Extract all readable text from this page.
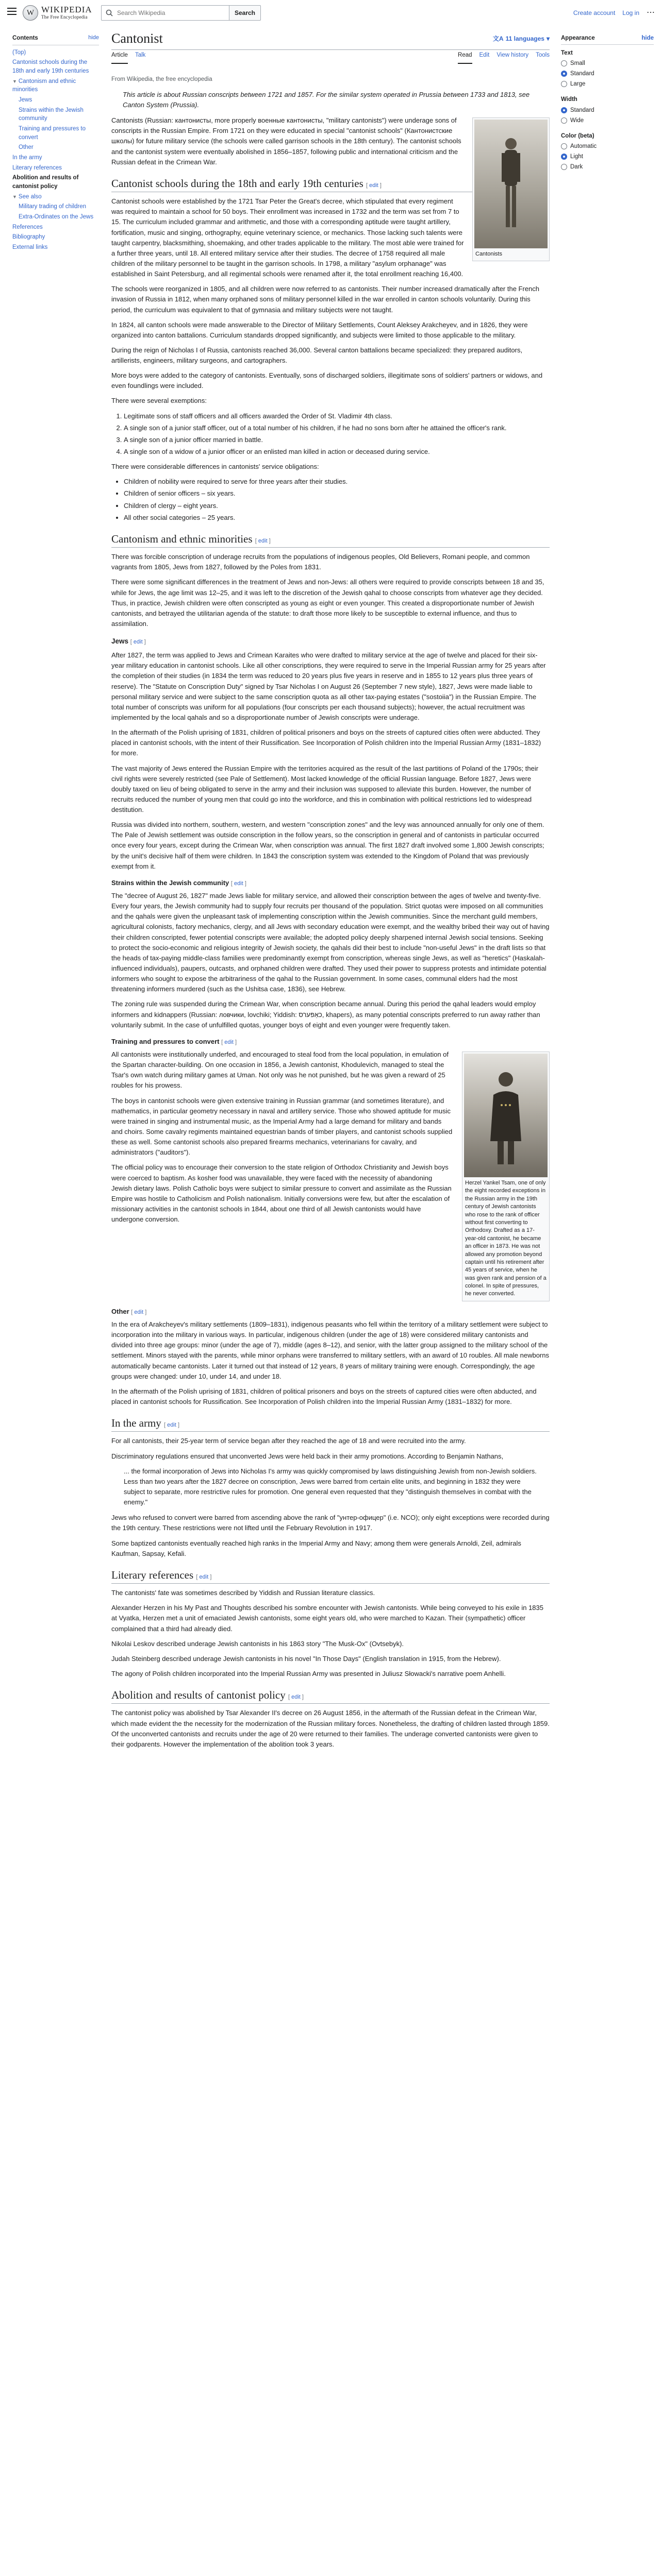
W WIKIPEDIA
The Free Encyclopedia
Search Wikipedia
Search	Create account Log in ⋯
Contents	hide
(Top)
Cantonist schools during the 18th and early 19th centuries
▼ Cantonism and ethnic minorities
Jews
Strains within the Jewish community
Training and pressures to convert
Other
In the army
Literary references
Abolition and results of cantonist policy
▼ See also
Military trading of children
Extra-Ordinates on the Jews
References
Bibliography
External links
Cantonist	文A 11 languages ▾
Article Talk	Read Edit View history Tools
Appearance	hide
Text
Small
Standard
Large
Width
Standard
Wide
Color (beta)
Automatic
Light
Dark

From Wikipedia, the free encyclopedia

This article is about Russian conscripts between 1721 and 1857. For the similar system operated in Prussia between 1733 and 1813, see Canton System (Prussia).

Cantonists

Cantonists (Russian: кантонисты, more properly военные кантонисты, "military cantonists") were underage sons of conscripts in the Russian Empire. From 1721 on they were educated in special "cantonist schools" (Кантонистские школы) for future military service (the schools were called garrison schools in the 18th century). The cantonist schools and the cantonist system were eventually abolished in 1856–1857, following public and international criticism and the Russian defeat in the Crimean War.

Cantonist schools during the 18th and early 19th centuries [ edit ]

Cantonist schools were established by the 1721 Tsar Peter the Great's decree, which stipulated that every regiment was required to maintain a school for 50 boys. Their enrollment was increased in 1732 and the term was set from 7 to 15. The curriculum included grammar and arithmetic, and those with a corresponding aptitude were taught artillery, fortification, music and singing, orthography, equine veterinary science, or mechanics. Those lacking such talents were taught carpentry, blacksmithing, shoemaking, and other trades applicable to the military. The most able were trained for a further three years, until 18. All entered military service after their studies. The decree of 1758 required all male children of the military personnel to be taught in the garrison schools. In 1798, a military "asylum orphanage" was established in Saint Petersburg, and all regimental schools were renamed after it, the total enrollment reaching 16,400.

The schools were reorganized in 1805, and all children were now referred to as cantonists. Their number increased dramatically after the French invasion of Russia in 1812, when many orphaned sons of military personnel killed in the war enrolled in canton schools voluntarily. During this period, the curriculum was equivalent to that of gymnasia and military subjects were not taught.

In 1824, all canton schools were made answerable to the Director of Military Settlements, Count Aleksey Arakcheyev, and in 1826, they were organized into canton battalions. Curriculum standards dropped significantly, and subjects were limited to those applicable to the military.

During the reign of Nicholas I of Russia, cantonists reached 36,000. Several canton battalions became specialized: they prepared auditors, artillerists, engineers, military surgeons, and cartographers.

More boys were added to the category of cantonists. Eventually, sons of discharged soldiers, illegitimate sons of soldiers' partners or widows, and even foundlings were included.

There were several exemptions:

1. Legitimate sons of staff officers and all officers awarded the Order of St. Vladimir 4th class.
2. A single son of a junior staff officer, out of a total number of his children, if he had no sons born after he attained the officer's rank.
3. A single son of a junior officer married in battle.
4. A single son of a widow of a junior officer or an enlisted man killed in action or deceased during service.

There were considerable differences in cantonists' service obligations:

• Children of nobility were required to serve for three years after their studies.
• Children of senior officers – six years.
• Children of clergy – eight years.
• All other social categories – 25 years.
Cantonism and ethnic minorities [ edit ]

There was forcible conscription of underage recruits from the populations of indigenous peoples, Old Believers, Romani people, and common vagrants from 1805, Jews from 1827, followed by the Poles from 1831.

There were some significant differences in the treatment of Jews and non-Jews: all others were required to provide conscripts between 18 and 35, while for Jews, the age limit was 12–25, and it was left to the discretion of the Jewish qahal to choose conscripts from whatever age they decided. Thus, in practice, Jewish children were often conscripted as young as eight or even younger. This created a disproportionate number of Jewish cantonists, and betrayed the utilitarian agenda of the statute: to draft those more likely to be susceptible to external influence, and thus to assimilation.

Jews [ edit ]

After 1827, the term was applied to Jews and Crimean Karaites who were drafted to military service at the age of twelve and placed for their six-year military education in cantonist schools. Like all other conscriptions, they were required to serve in the Imperial Russian army for 25 years after the completion of their studies (in 1834 the term was reduced to 20 years plus five years in reserve and in 1855 to 12 years plus three years of reserve). The "Statute on Conscription Duty" signed by Tsar Nicholas I on August 26 (September 7 new style), 1827, Jews were made liable to personal military service and were subject to the same conscription quota as all other tax-paying estates ("sostoiia") in the Russian Empire. The total number of conscripts was uniform for all populations (four conscripts per each thousand subjects); however, the actual recruitment was implemented by the local qahals and so a disproportionate number of Jewish conscripts were underage.

In the aftermath of the Polish uprising of 1831, children of political prisoners and boys on the streets of captured cities often were abducted. They placed in cantonist schools, with the intent of their Russification. See Incorporation of Polish children into the Imperial Russian Army (1831–1832) for more.

The vast majority of Jews entered the Russian Empire with the territories acquired as the result of the last partitions of Poland of the 1790s; their civil rights were severely restricted (see Pale of Settlement). Most lacked knowledge of the official Russian language. Before 1827, Jews were doubly taxed on lieu of being obligated to serve in the army and their inclusion was supposed to alleviate this burden. However, the number of recruits reduced the number of young men that could go into the workforce, and this in combination with political restrictions led to widespread destitution.

Russia was divided into northern, southern, western, and western "conscription zones" and the levy was announced annually for only one of them. The Pale of Jewish settlement was outside conscription in the follow years, so the conscription in general and of cantonists in particular occurred once every four years, except during the Crimean War, when conscription was annual. The first 1827 draft involved some 1,800 Jewish conscripts; by the unit's decisive half of them were children. In 1843 the conscription system was extended to the Kingdom of Poland that was previously exempt from it.

Strains within the Jewish community [ edit ]

The "decree of August 26, 1827" made Jews liable for military service, and allowed their conscription between the ages of twelve and twenty-five. Every four years, the Jewish community had to supply four recruits per thousand of the population. Strict quotas were imposed on all communities and the qahals were given the unpleasant task of implementing conscription within the Jewish communities. Since the merchant guild members, agricultural colonists, factory mechanics, clergy, and all Jews with secondary education were exempt, and the wealthy bribed their way out of having their children conscripted, fewer potential conscripts were available; the adopted policy deeply sharpened internal Jewish social tensions. Seeking to protect the socio-economic and religious integrity of Jewish society, the qahals did their best to include "non-useful Jews" in the draft lists so that the heads of tax-paying middle-class families were predominantly exempt from conscription, whereas single Jews, as well as "heretics" (Haskalah-influenced individuals), paupers, outcasts, and orphaned children were drafted. They used their power to suppress protests and intimidate potential informers who sought to expose the arbitrariness of the qahal to the Russian government. In some cases, communal elders had the most threatening informers murdered (such as the Ushitsa case, 1836), see Hebrew.

The zoning rule was suspended during the Crimean War, when conscription became annual. During this period the qahal leaders would employ informers and kidnappers (Russian: ловчики, lovchiki; Yiddish: כאַפּערס, khapers), as many potential conscripts preferred to run away rather than voluntarily submit. In the case of unfulfilled quotas, younger boys of eight and even younger were frequently taken.

Training and pressures to convert [ edit ]
Herzel Yankel Tsam, one of only the eight recorded exceptions in the Russian army in the 19th century of Jewish cantonists who rose to the rank of officer without first converting to Orthodoxy. Drafted as a 17-year-old cantonist, he became an officer in 1873. He was not allowed any promotion beyond captain until his retirement after 45 years of service, when he was given rank and pension of a colonel. In spite of pressures, he never converted.

All cantonists were institutionally underfed, and encouraged to steal food from the local population, in emulation of the Spartan character-building. On one occasion in 1856, a Jewish cantonist, Khodulevich, managed to steal the Tsar's own watch during military games at Uman. Not only was he not punished, but he was given a reward of 25 roubles for his prowess.

The boys in cantonist schools were given extensive training in Russian grammar (and sometimes literature), and mathematics, in particular geometry necessary in naval and artillery service. Those who showed aptitude for music were trained in singing and instrumental music, as the Imperial Army had a large demand for military and bands and choirs. Some cavalry regiments maintained equestrian bands of timber players, and cantonist schools supplied these as well. Some cantonist schools also prepared firearms mechanics, veterinarians for cavalry, and administrators ("auditors").

The official policy was to encourage their conversion to the state religion of Orthodox Christianity and Jewish boys were coerced to baptism. As kosher food was unavailable, they were faced with the necessity of abandoning Jewish dietary laws. Polish Catholic boys were subject to similar pressure to convert and assimilate as the Russian Empire was hostile to Catholicism and Polish nationalism. Initially conversions were few, but after the escalation of missionary activities in the cantonist schools in 1844, about one third of all Jewish cantonists would have undergone conversion.

Other [ edit ]

In the era of Arakcheyev's military settlements (1809–1831), indigenous peasants who fell within the territory of a military settlement were subject to incorporation into the military in various ways. In particular, indigenous children (under the age of 18) were considered military cantonists and divided into three age groups: minor (under the age of 7), middle (ages 8–12), and senior, with the latter group assigned to the military school of the settlement. Minors stayed with the parents, while minor orphans were transferred to military settlers, with an award of 10 roubles. All male newborns automatically became cantonists. Later it turned out that instead of 12 years, 8 years of military training were enough. Correspondingly, the age groups were changed: under 10, under 14, and under 18.

In the aftermath of the Polish uprising of 1831, children of political prisoners and boys on the streets of captured cities were often abducted, and placed in cantonist schools for Russification. See Incorporation of Polish children into the Imperial Russian Army (1831–1832) for more.

In the army [ edit ]

For all cantonists, their 25-year term of service began after they reached the age of 18 and were recruited into the army.

Discriminatory regulations ensured that unconverted Jews were held back in their army promotions. According to Benjamin Nathans,

... the formal incorporation of Jews into Nicholas I's army was quickly compromised by laws distinguishing Jewish from non-Jewish soldiers. Less than two years after the 1827 decree on conscription, Jews were barred from certain elite units, and beginning in 1832 they were subject to separate, more restrictive rules for promotion. One general even requested that they "distinguish themselves in combat with the enemy."

Jews who refused to convert were barred from ascending above the rank of "унтер-офицер" (i.e. NCO); only eight exceptions were recorded during the 19th century. These restrictions were not lifted until the February Revolution in 1917.

Some baptized cantonists eventually reached high ranks in the Imperial Army and Navy; among them were generals Arnoldi, Zeil, admirals Kaufman, Sapsay, Kefali.

Literary references [ edit ]

The cantonists' fate was sometimes described by Yiddish and Russian literature classics.

Alexander Herzen in his My Past and Thoughts described his sombre encounter with Jewish cantonists. While being conveyed to his exile in 1835 at Vyatka, Herzen met a unit of emaciated Jewish cantonists, some eight years old, who were marched to Kazan. Their (sympathetic) officer complained that a third had already died.

Nikolai Leskov described underage Jewish cantonists in his 1863 story "The Musk-Ox" (Ovtsebyk).

Judah Steinberg described underage Jewish cantonists in his novel "In Those Days" (English translation in 1915, from the Hebrew).

The agony of Polish children incorporated into the Imperial Russian Army was presented in Juliusz Słowacki's narrative poem Anhelli.

Abolition and results of cantonist policy [ edit ]

The cantonist policy was abolished by Tsar Alexander II's decree on 26 August 1856, in the aftermath of the Russian defeat in the Crimean War, which made evident the the necessity for the modernization of the Russian military forces. Nonetheless, the drafting of children lasted through 1859. Of the unconverted cantonists and recruits under the age of 20 were returned to their families. The underage converted cantonists were given to their godparents. However the implementation of the abolition took 3 years.
